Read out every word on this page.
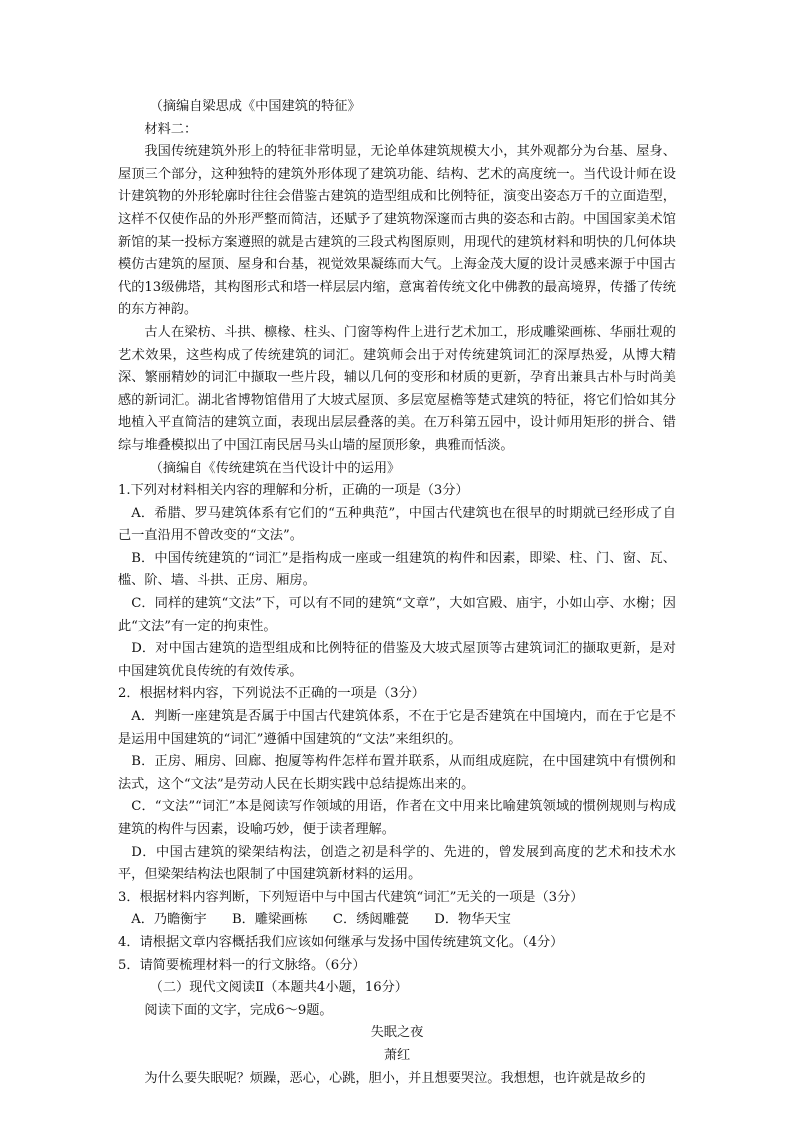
（摘编自梁思成《中国建筑的特征》

材料二：

我国传统建筑外形上的特征非常明显，无论单体建筑规模大小，其外观都分为台基、屋身、屋顶三个部分，这种独特的建筑外形体现了建筑功能、结构、艺术的高度统一。当代设计师在设计建筑物的外形轮廓时往往会借鉴古建筑的造型组成和比例特征，演变出姿态万千的立面造型，这样不仅使作品的外形严整而简洁，还赋予了建筑物深邃而古典的姿态和古韵。中国国家美术馆新馆的某一投标方案遵照的就是古建筑的三段式构图原则，用现代的建筑材料和明快的几何体块模仿古建筑的屋顶、屋身和台基，视觉效果凝练而大气。上海金茂大厦的设计灵感来源于中国古代的13级佛塔，其构图形式和塔一样层层内缩，意寓着传统文化中佛教的最高境界，传播了传统的东方神韵。

古人在梁枋、斗拱、檩椽、柱头、门窗等构件上进行艺术加工，形成雕梁画栋、华丽壮观的艺术效果，这些构成了传统建筑的词汇。建筑师会出于对传统建筑词汇的深厚热爱，从博大精深、繁丽精妙的词汇中撷取一些片段，辅以几何的变形和材质的更新，孕育出兼具古朴与时尚美感的新词汇。湖北省博物馆借用了大坡式屋顶、多层宽屋檐等楚式建筑的特征，将它们恰如其分地植入平直简洁的建筑立面，表现出层层叠落的美。在万科第五园中，设计师用矩形的拼合、错综与堆叠模拟出了中国江南民居马头山墙的屋顶形象，典雅而恬淡。

（摘编自《传统建筑在当代设计中的运用》

1.下列对材料相关内容的理解和分析，正确的一项是（3分）

A．希腊、罗马建筑体系有它们的“五种典范”，中国古代建筑也在很早的时期就已经形成了自己一直沿用不曾改变的“文法”。

B．中国传统建筑的“词汇”是指构成一座或一组建筑的构件和因素，即梁、柱、门、窗、瓦、槛、阶、墙、斗拱、正房、厢房。

C．同样的建筑“文法”下，可以有不同的建筑“文章”，大如宫殿、庙宇，小如山亭、水榭；因此“文法”有一定的拘束性。

D．对中国古建筑的造型组成和比例特征的借鉴及大坡式屋顶等古建筑词汇的撷取更新，是对中国建筑优良传统的有效传承。

2．根据材料内容，下列说法不正确的一项是（3分）

A．判断一座建筑是否属于中国古代建筑体系，不在于它是否建筑在中国境内，而在于它是不是运用中国建筑的“词汇”遵循中国建筑的“文法”来组织的。

B．正房、厢房、回廊、抱厦等构件怎样布置并联系，从而组成庭院，在中国建筑中有惯例和法式，这个“文法”是劳动人民在长期实践中总结提炼出来的。

C．“文法”“词汇”本是阅读写作领域的用语，作者在文中用来比喻建筑领域的惯例规则与构成建筑的构件与因素，设喻巧妙，便于读者理解。

D．中国古建筑的梁架结构法，创造之初是科学的、先进的，曾发展到高度的艺术和技术水平，但梁架结构法也限制了中国建筑新材料的运用。

3．根据材料内容判断，下列短语中与中国古代建筑“词汇”无关的一项是（3分）

A．乃瞻衡宇 B．雕梁画栋 C．绣闼雕甍 D．物华天宝

4．请根据文章内容概括我们应该如何继承与发扬中国传统建筑文化。（4分）

5．请简要梳理材料一的行文脉络。（6分）

（二）现代文阅读Ⅱ（本题共4小题，16分）

阅读下面的文字，完成6～9题。

失眠之夜

萧红

为什么要失眠呢？烦躁，恶心，心跳，胆小，并且想要哭泣。我想想，也许就是故乡的
